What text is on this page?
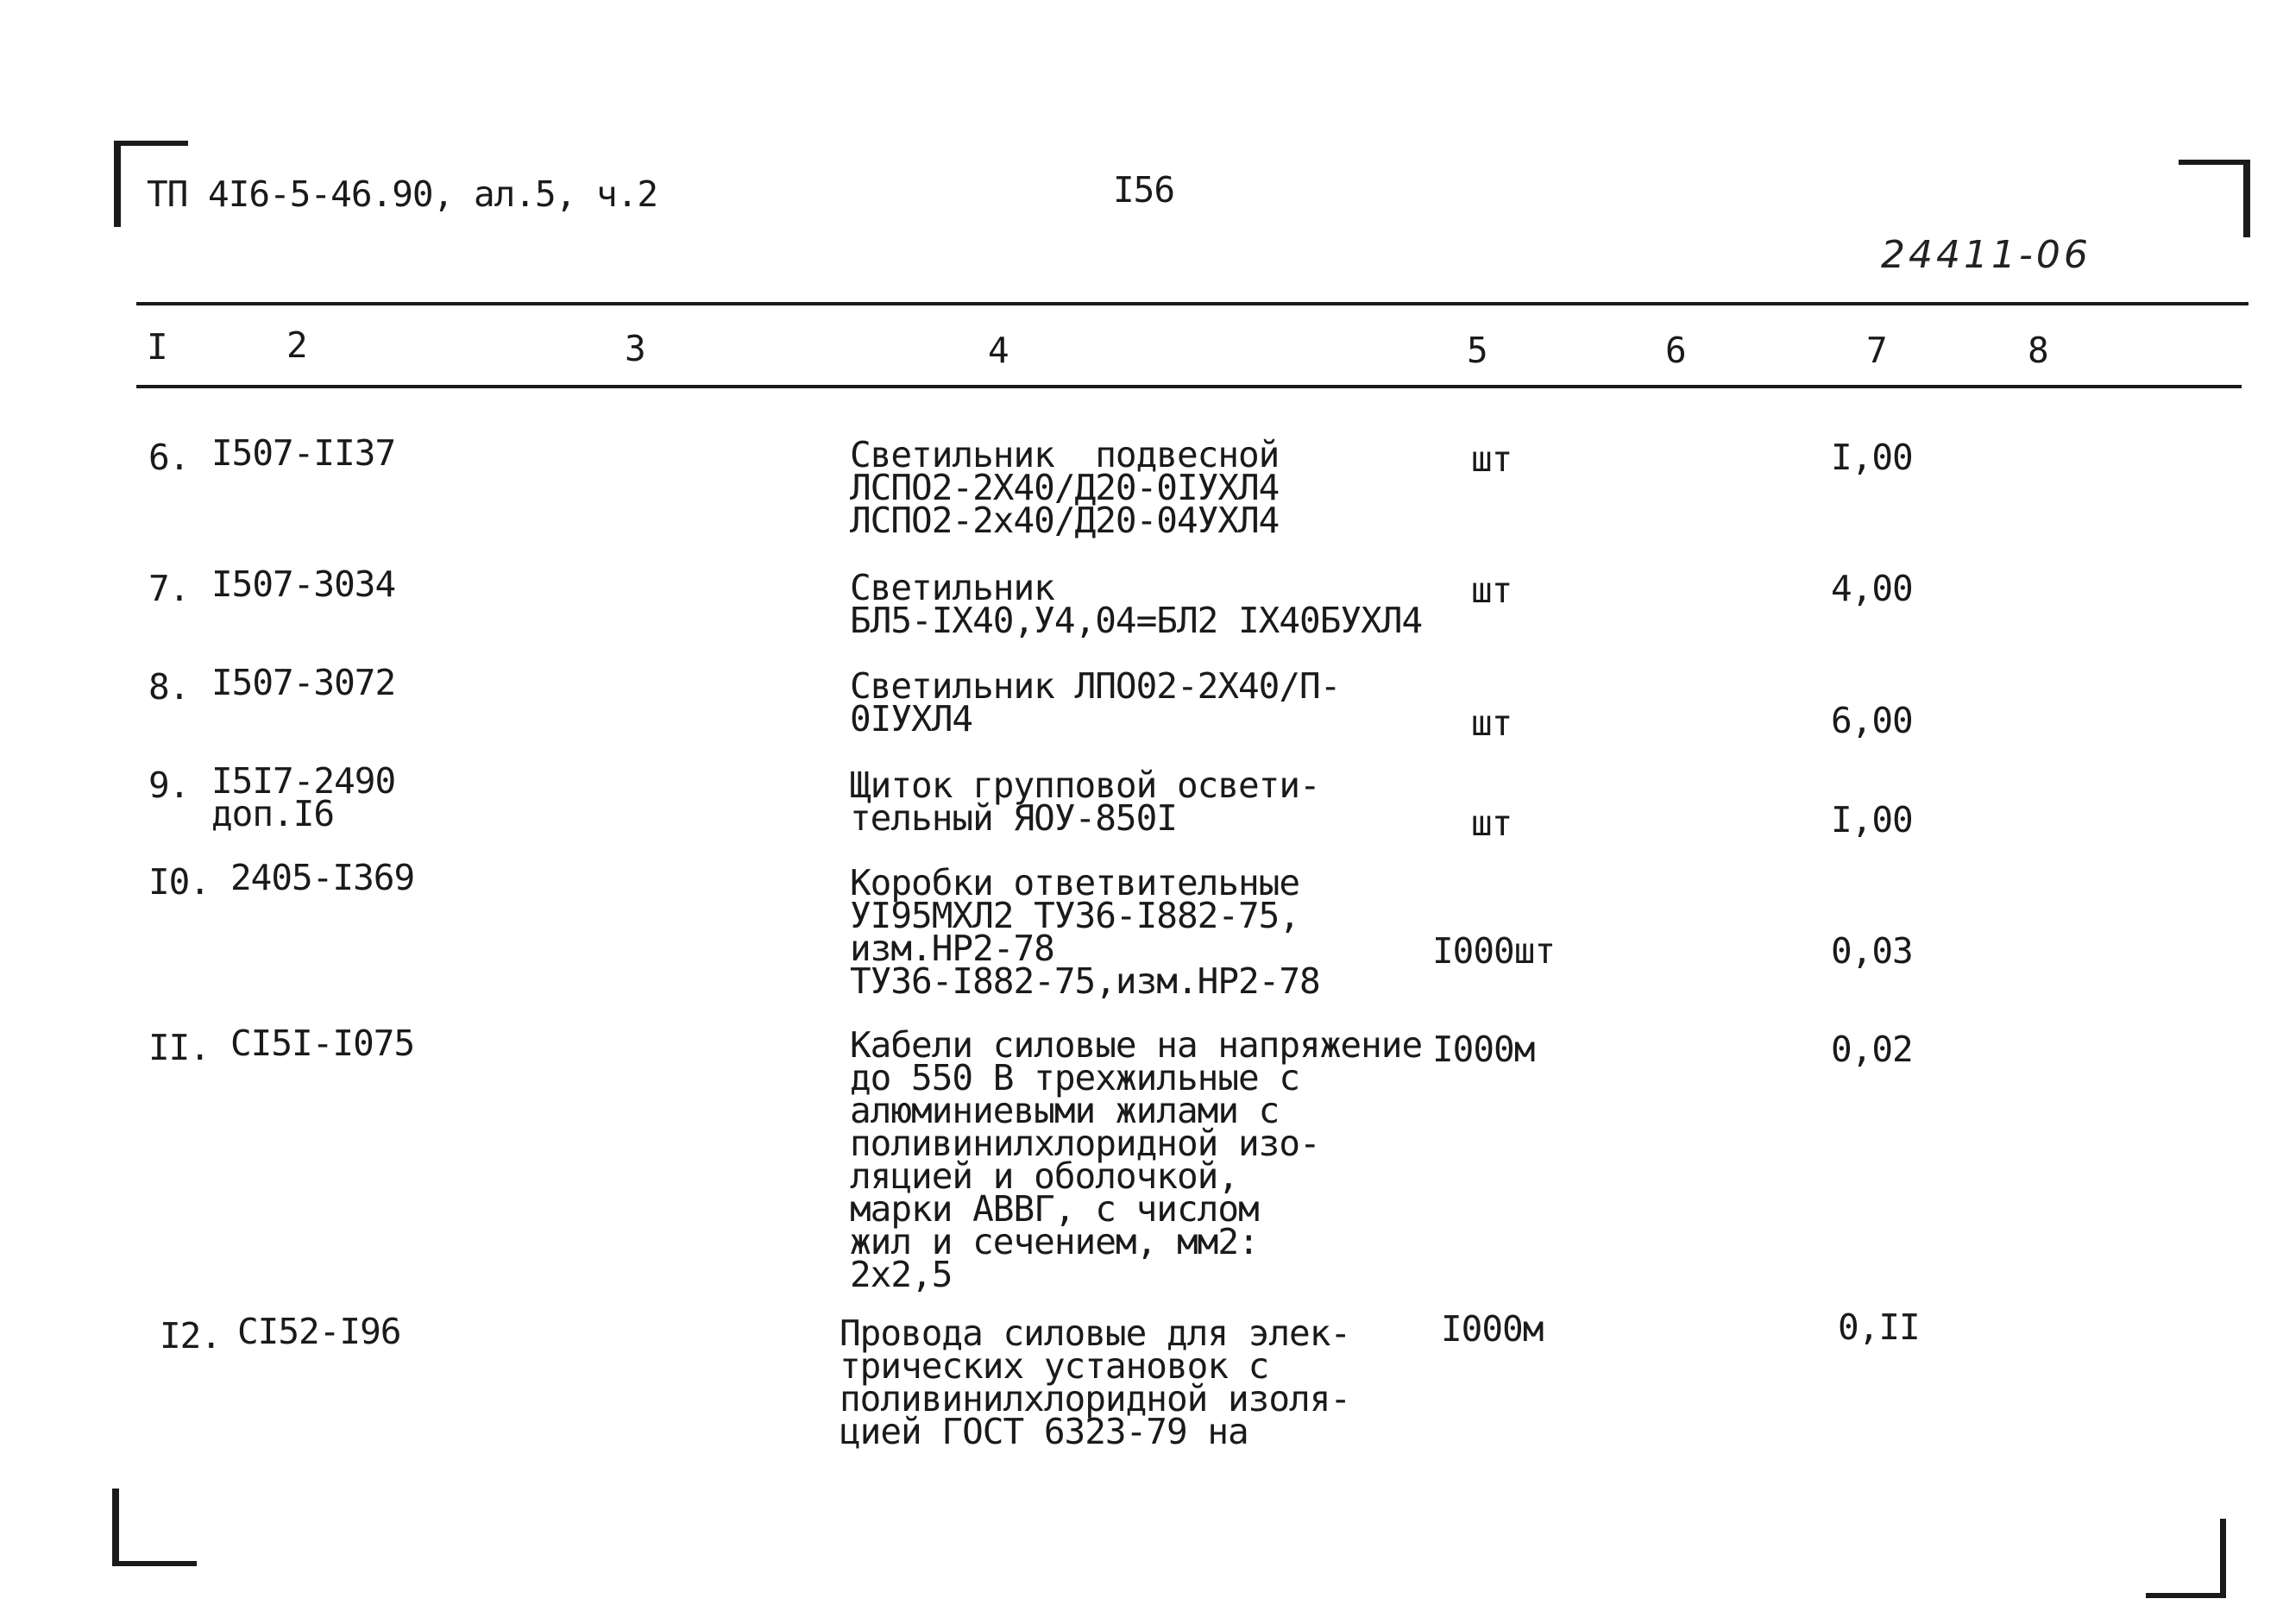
ТП 4I6-5-46.90, ал.5, ч.2	I56
24411-06
I	2	3	4	5	6	7	8
6. I507-II37	Светильник  подвесной
ЛСПО2-2Х40/Д20-0IУХЛ4
ЛСПО2-2х40/Д20-04УХЛ4
шт	I,00
7. I507-3034	Светильник
БЛ5-IХ40,У4,04=БЛ2 IХ40БУХЛ4
шт	4,00
8. I507-3072	Светильник ЛПО02-2Х40/П-
0IУХЛ4	шт	6,00
9. I5I7-2490
доп.I6
Щиток групповой освети-
тельный ЯОУ-850I	шт	I,00
I0. 2405-I369	Коробки ответвительные
УI95МХЛ2 ТУ36-I882-75,
изм.НР2-78
ТУ36-I882-75,изм.НР2-78
I000шт	0,03
II. CI5I-I075	Кабели силовые на напряжение
до 550 В трехжильные с
алюминиевыми жилами с
поливинилхлоридной изо-
ляцией и оболочкой,
марки АВВГ, с числом
жил и сечением, мм2:
2х2,5
I000м	0,02
I2. CI52-I96	Провода силовые для элек-
трических установок с
поливинилхлоридной изоля-
цией ГОСТ 6323-79 на
I000м	0,II
